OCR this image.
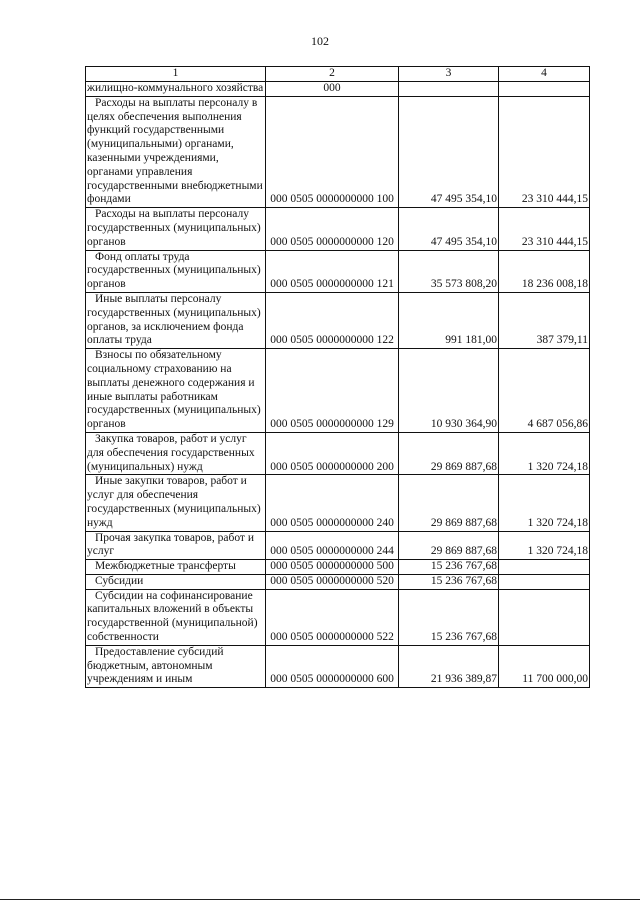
102
1	2	3	4
жилищно-коммунального хозяйства	000		
Расходы на выплаты персоналу в целях обеспечения выполнения функций государственными (муниципальными) органами, казенными учреждениями, органами управления государственными внебюджетными фондами	000 0505 0000000000 100	47 495 354,10	23 310 444,15
Расходы на выплаты персоналу государственных (муниципальных) органов	000 0505 0000000000 120	47 495 354,10	23 310 444,15
Фонд оплаты труда государственных (муниципальных) органов	000 0505 0000000000 121	35 573 808,20	18 236 008,18
Иные выплаты персоналу государственных (муниципальных) органов, за исключением фонда оплаты труда	000 0505 0000000000 122	991 181,00	387 379,11
Взносы по обязательному социальному страхованию на выплаты денежного содержания и иные выплаты работникам государственных (муниципальных) органов	000 0505 0000000000 129	10 930 364,90	4 687 056,86
Закупка товаров, работ и услуг для обеспечения государственных (муниципальных) нужд	000 0505 0000000000 200	29 869 887,68	1 320 724,18
Иные закупки товаров, работ и услуг для обеспечения государственных (муниципальных) нужд	000 0505 0000000000 240	29 869 887,68	1 320 724,18
Прочая закупка товаров, работ и услуг	000 0505 0000000000 244	29 869 887,68	1 320 724,18
Межбюджетные трансферты	000 0505 0000000000 500	15 236 767,68	
Субсидии	000 0505 0000000000 520	15 236 767,68	
Субсидии на софинансирование капитальных вложений в объекты государственной (муниципальной) собственности	000 0505 0000000000 522	15 236 767,68	
Предоставление субсидий бюджетным, автономным учреждениям и иным	000 0505 0000000000 600	21 936 389,87	11 700 000,00
